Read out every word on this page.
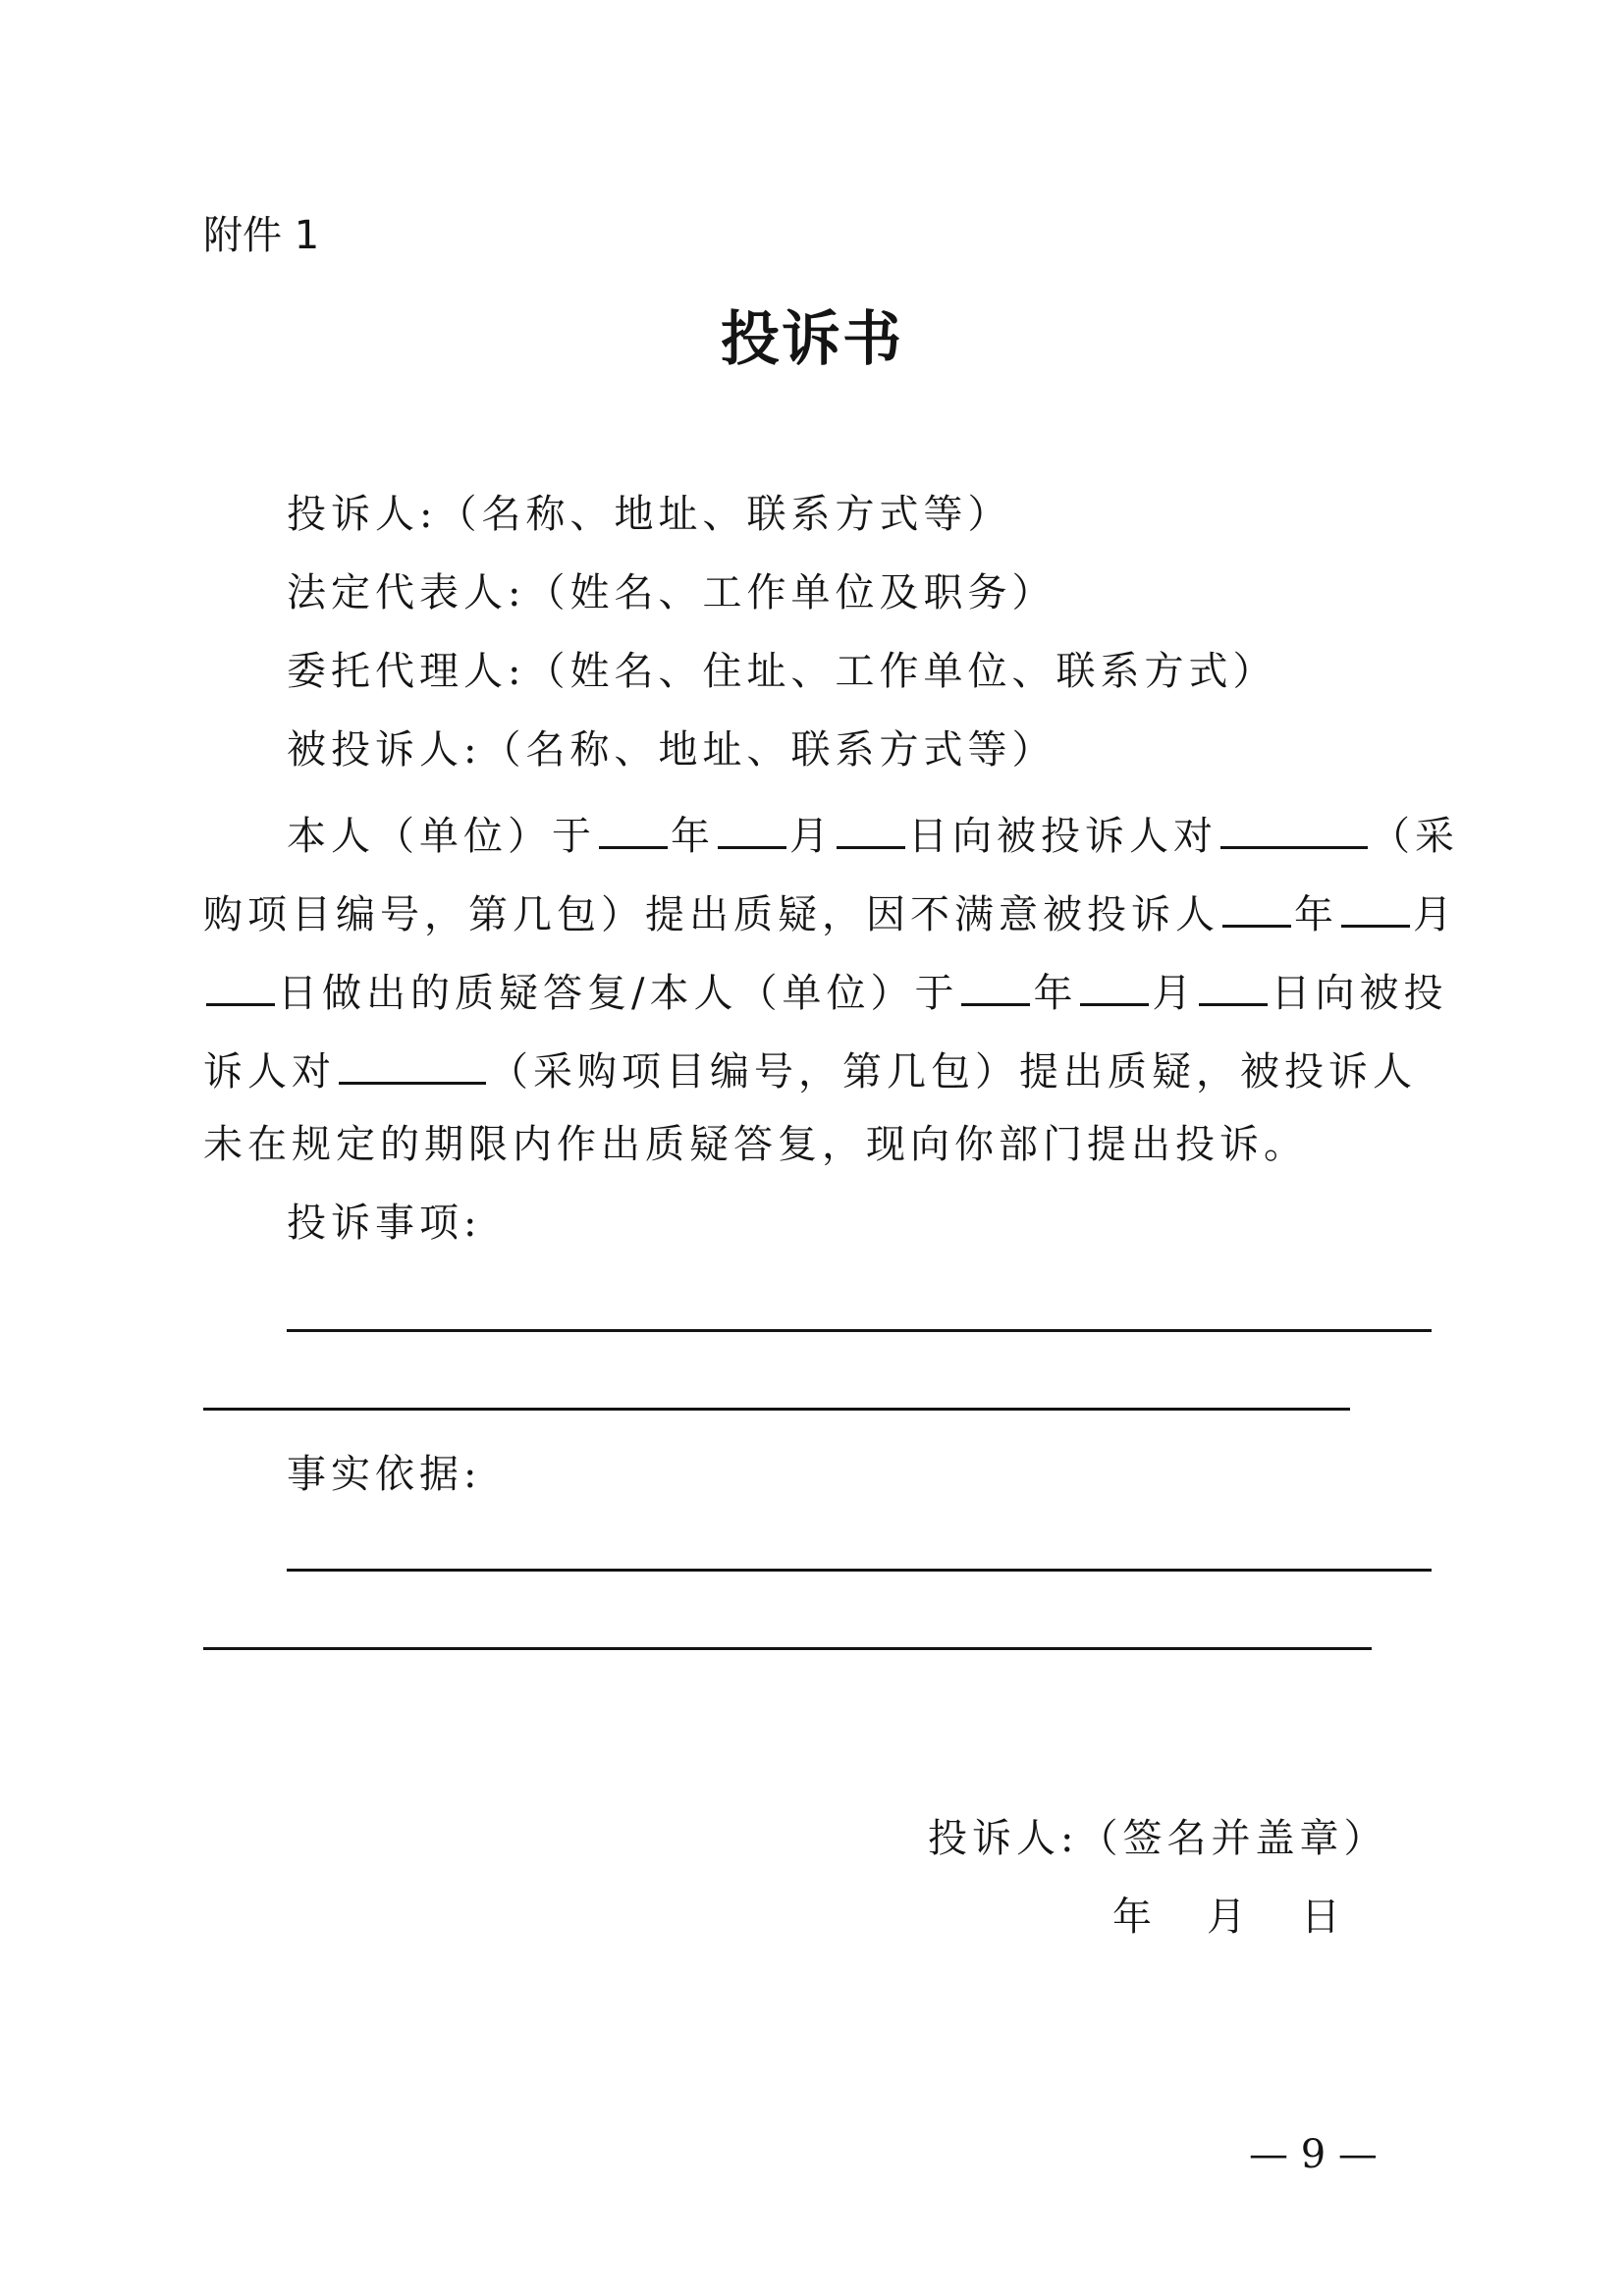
附件 1
投诉书
投诉人:（名称、地址、联系方式等）
法定代表人:（姓名、工作单位及职务）
委托代理人:（姓名、住址、工作单位、联系方式）
被投诉人:（名称、地址、联系方式等）
本人（单位）于 年 月 日向被投诉人对	（采
购项目编号，第几包）提出质疑，因不满意被投诉人 年 月
日做出的质疑答复/本人（单位）于 年 月 日向被投
诉人对	（采购项目编号，第几包）提出质疑，被投诉人
未在规定的期限内作出质疑答复，现向你部门提出投诉。
投诉事项:
事实依据:
投诉人:（签名并盖章）
年 月 日
— 9 —
